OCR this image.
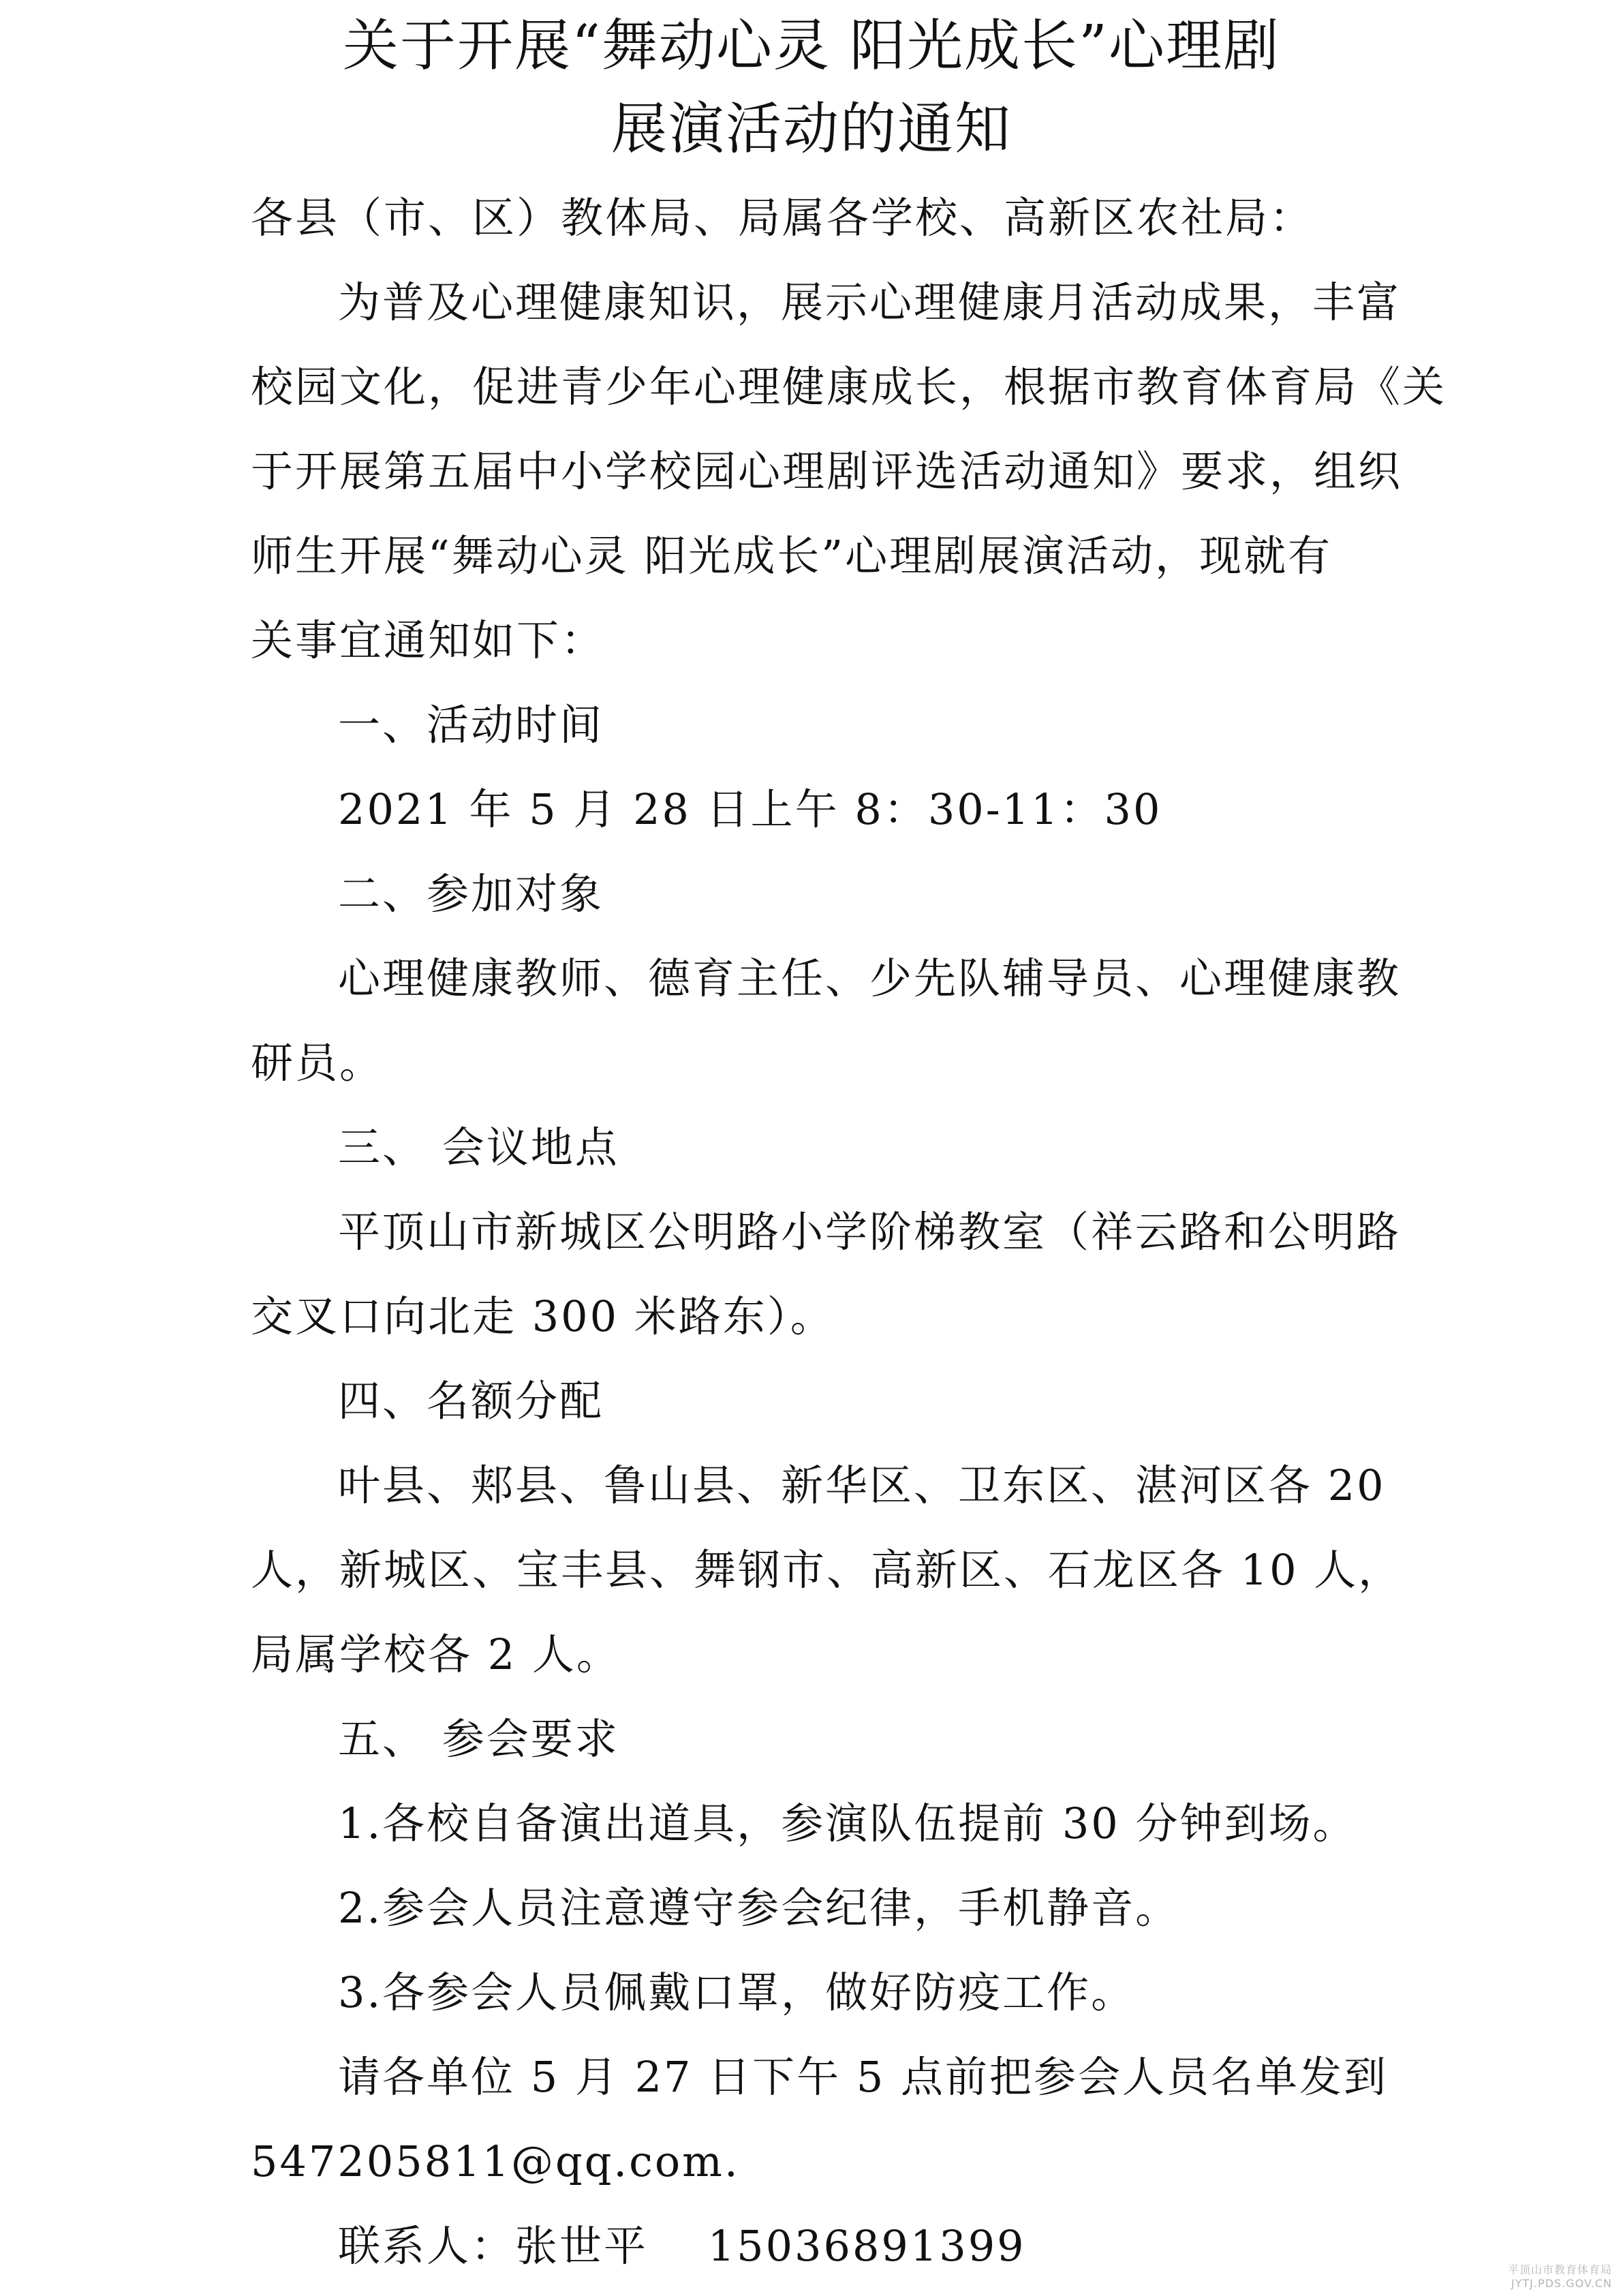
关于开展“舞动心灵 阳光成长”心理剧
展演活动的通知
各县（市、区）教体局、局属各学校、高新区农社局：
为普及心理健康知识，展示心理健康月活动成果，丰富
校园文化，促进青少年心理健康成长，根据市教育体育局《关
于开展第五届中小学校园心理剧评选活动通知》要求，组织
师生开展“舞动心灵 阳光成长”心理剧展演活动，现就有
关事宜通知如下：
一、活动时间
2021 年 5 月 28 日上午 8：30-11：30
二、参加对象
心理健康教师、德育主任、少先队辅导员、心理健康教
研员。
三、 会议地点
平顶山市新城区公明路小学阶梯教室（祥云路和公明路
交叉口向北走 300 米路东）。
四、名额分配
叶县、郏县、鲁山县、新华区、卫东区、湛河区各 20
人，新城区、宝丰县、舞钢市、高新区、石龙区各 10 人，
局属学校各 2 人。
五、 参会要求
1.各校自备演出道具，参演队伍提前 30 分钟到场。
2.参会人员注意遵守参会纪律，手机静音。
3.各参会人员佩戴口罩，做好防疫工作。
请各单位 5 月 27 日下午 5 点前把参会人员名单发到
547205811@qq.com.
联系人：张世平　 15036891399	平顶山市教育体育局
JYTJ.PDS.GOV.CN
